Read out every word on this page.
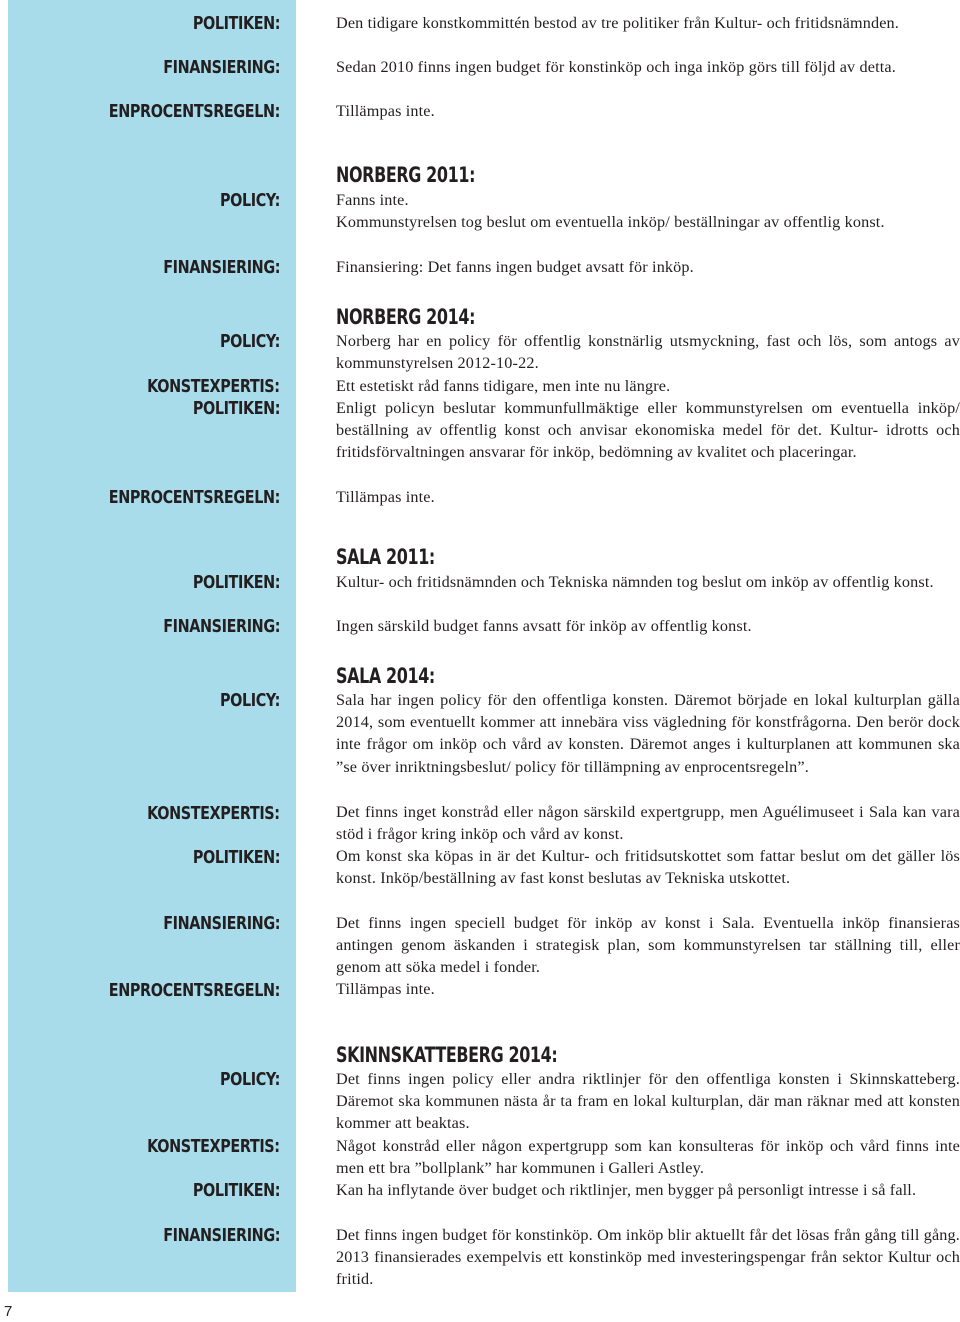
POLITIKEN:

FINANSIERING:

ENPROCENTSREGELN:

Den tidigare konstkommittén bestod av tre politiker från Kultur- och fritidsnämnden.

Sedan 2010 finns ingen budget för konstinköp och inga inköp görs till följd av detta.

Tillämpas inte.

NORBERG 2011:

POLICY:

FINANSIERING:

Fanns inte.

Kommunstyrelsen tog beslut om eventuella inköp/ beställningar av offentlig konst.

Finansiering: Det fanns ingen budget avsatt för inköp.

NORBERG 2014:

POLICY:

KONSTEXPERTIS:

POLITIKEN:

ENPROCENTSREGELN:

Norberg har en policy för offentlig konstnärlig utsmyckning, fast och lös, som antogs av kommunstyrelsen 2012-10-22.

Ett estetiskt råd fanns tidigare, men inte nu längre.

Enligt policyn beslutar kommunfullmäktige eller kommunstyrelsen om eventuella inköp/ beställning av offentlig konst och anvisar ekonomiska medel för det. Kultur- idrotts och fritidsförvaltningen ansvarar för inköp, bedömning av kvalitet och placeringar.

Tillämpas inte.

SALA 2011:

POLITIKEN:

FINANSIERING:

Kultur- och fritidsnämnden och Tekniska nämnden tog beslut om inköp av offentlig konst.

Ingen särskild budget fanns avsatt för inköp av offentlig konst.

SALA 2014:

POLICY:

KONSTEXPERTIS:

POLITIKEN:

FINANSIERING:

ENPROCENTSREGELN:

Sala har ingen policy för den offentliga konsten. Däremot började en lokal kulturplan gälla 2014, som eventuellt kommer att innebära viss vägledning för konstfrågorna. Den berör dock inte frågor om inköp och vård av konsten. Däremot anges i kulturplanen att kommunen ska ”se över inriktningsbeslut/ policy för tillämpning av enprocentsregeln”.

Det finns inget konstråd eller någon särskild expertgrupp, men Aguélimuseet i Sala kan vara stöd i frågor kring inköp och vård av konst.

Om konst ska köpas in är det Kultur- och fritidsutskottet som fattar beslut om det gäller lös konst. Inköp/beställning av fast konst beslutas av Tekniska utskottet.

Det finns ingen speciell budget för inköp av konst i Sala. Eventuella inköp finansieras antingen genom äskanden i strategisk plan, som kommunstyrelsen tar ställning till, eller genom att söka medel i fonder.

Tillämpas inte.

SKINNSKATTEBERG 2014:

POLICY:

KONSTEXPERTIS:

POLITIKEN:

FINANSIERING:

Det finns ingen policy eller andra riktlinjer för den offentliga konsten i Skinnskatteberg. Däremot ska kommunen nästa år ta fram en lokal kulturplan, där man räknar med att konsten kommer att beaktas.

Något konstråd eller någon expertgrupp som kan konsulteras för inköp och vård finns inte men ett bra ”bollplank” har kommunen i Galleri Astley.

Kan ha inflytande över budget och riktlinjer, men bygger på personligt intresse i så fall.

Det finns ingen budget för konstinköp. Om inköp blir aktuellt får det lösas från gång till gång. 2013 finansierades exempelvis ett konstinköp med investeringspengar från sektor Kultur och fritid.

7
